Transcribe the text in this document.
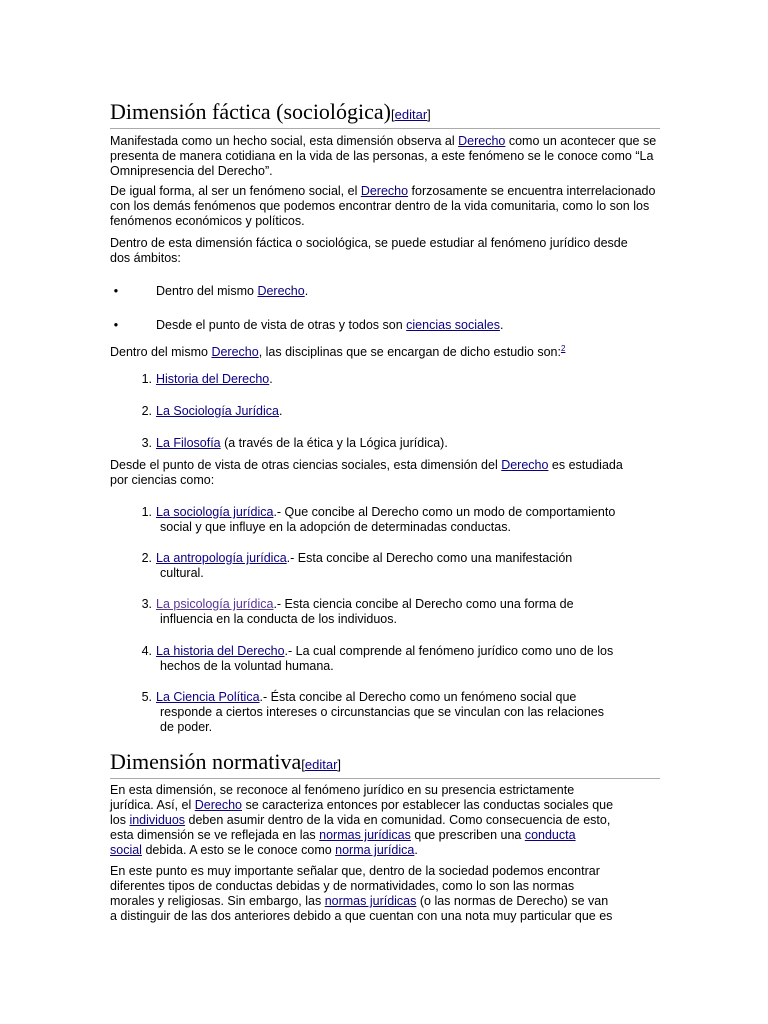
Dimensión fáctica (sociológica)[editar]

Manifestada como un hecho social, esta dimensión observa al Derecho como un acontecer que se presenta de manera cotidiana en la vida de las personas, a este fenómeno se le conoce como “La Omnipresencia del Derecho”.

De igual forma, al ser un fenómeno social, el Derecho forzosamente se encuentra interrelacionado con los demás fenómenos que podemos encontrar dentro de la vida comunitaria, como lo son los fenómenos económicos y políticos.

Dentro de esta dimensión fáctica o sociológica, se puede estudiar al fenómeno jurídico desde dos ámbitos:

•	Dentro del mismo Derecho.
•	Desde el punto de vista de otras y todos son ciencias sociales.

Dentro del mismo Derecho, las disciplinas que se encargan de dicho estudio son:$^2$

1. Historia del Derecho.
2. La Sociología Jurídica.
3. La Filosofía (a través de la ética y la Lógica jurídica).

Desde el punto de vista de otras ciencias sociales, esta dimensión del Derecho es estudiada por ciencias como:

1. La sociología jurídica.- Que concibe al Derecho como un modo de comportamiento
social y que influye en la adopción de determinadas conductas.
2. La antropología jurídica.- Esta concibe al Derecho como una manifestación
cultural.
3. La psicología jurídica.- Esta ciencia concibe al Derecho como una forma de
influencia en la conducta de los individuos.
4. La historia del Derecho.- La cual comprende al fenómeno jurídico como uno de los
hechos de la voluntad humana.
5. La Ciencia Política.- Ésta concibe al Derecho como un fenómeno social que
responde a ciertos intereses o circunstancias que se vinculan con las relaciones
de poder.
Dimensión normativa[editar]
En esta dimensión, se reconoce al fenómeno jurídico en su presencia estrictamente
jurídica. Así, el Derecho se caracteriza entonces por establecer las conductas sociales que
los individuos deben asumir dentro de la vida en comunidad. Como consecuencia de esto,
esta dimensión se ve reflejada en las normas jurídicas que prescriben una conducta
social debida. A esto se le conoce como norma jurídica.
En este punto es muy importante señalar que, dentro de la sociedad podemos encontrar
diferentes tipos de conductas debidas y de normatividades, como lo son las normas
morales y religiosas. Sin embargo, las normas jurídicas (o las normas de Derecho) se van
a distinguir de las dos anteriores debido a que cuentan con una nota muy particular que es
